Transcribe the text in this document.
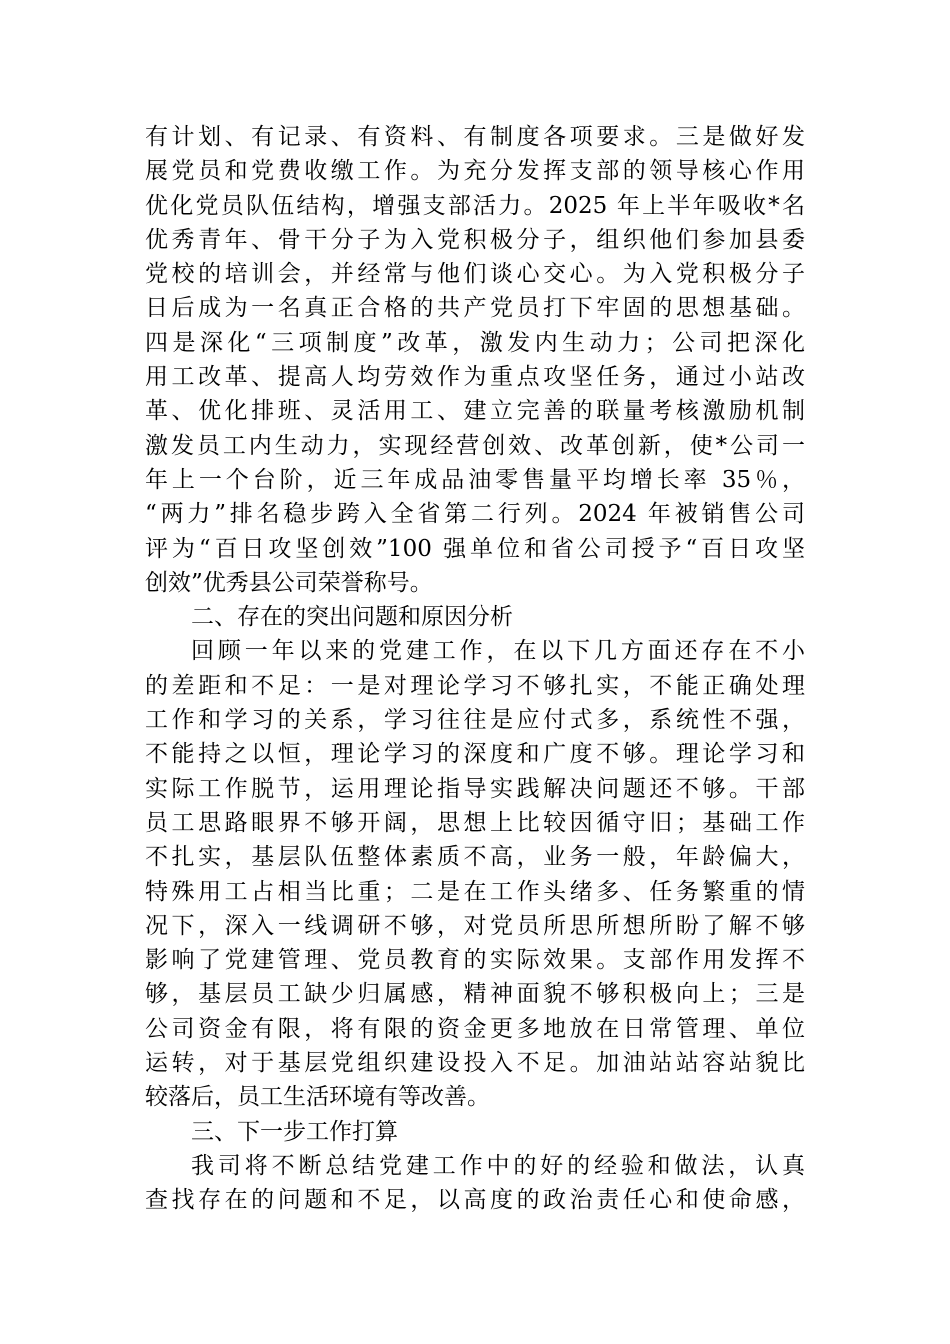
有计划、有记录、有资料、有制度各项要求。三是做好发
展党员和党费收缴工作。为充分发挥支部的领导核心作用
优化党员队伍结构，增强支部活力。2025 年上半年吸收*名
优秀青年、骨干分子为入党积极分子，组织他们参加县委
党校的培训会，并经常与他们谈心交心。为入党积极分子
日后成为一名真正合格的共产党员打下牢固的思想基础。
四是深化“三项制度”改革，激发内生动力；公司把深化
用工改革、提高人均劳效作为重点攻坚任务，通过小站改
革、优化排班、灵活用工、建立完善的联量考核激励机制
激发员工内生动力，实现经营创效、改革创新，使*公司一
年上一个台阶，近三年成品油零售量平均增长率 35％，
“两力”排名稳步跨入全省第二行列。2024 年被销售公司
评为“百日攻坚创效”100 强单位和省公司授予“百日攻坚
创效”优秀县公司荣誉称号。
二、存在的突出问题和原因分析
回顾一年以来的党建工作，在以下几方面还存在不小
的差距和不足：一是对理论学习不够扎实，不能正确处理
工作和学习的关系，学习往往是应付式多，系统性不强，
不能持之以恒，理论学习的深度和广度不够。理论学习和
实际工作脱节，运用理论指导实践解决问题还不够。干部
员工思路眼界不够开阔，思想上比较因循守旧；基础工作
不扎实，基层队伍整体素质不高，业务一般，年龄偏大，
特殊用工占相当比重；二是在工作头绪多、任务繁重的情
况下，深入一线调研不够，对党员所思所想所盼了解不够
影响了党建管理、党员教育的实际效果。支部作用发挥不
够，基层员工缺少归属感，精神面貌不够积极向上；三是
公司资金有限，将有限的资金更多地放在日常管理、单位
运转，对于基层党组织建设投入不足。加油站站容站貌比
较落后，员工生活环境有等改善。
三、下一步工作打算
我司将不断总结党建工作中的好的经验和做法，认真
查找存在的问题和不足，以高度的政治责任心和使命感，
